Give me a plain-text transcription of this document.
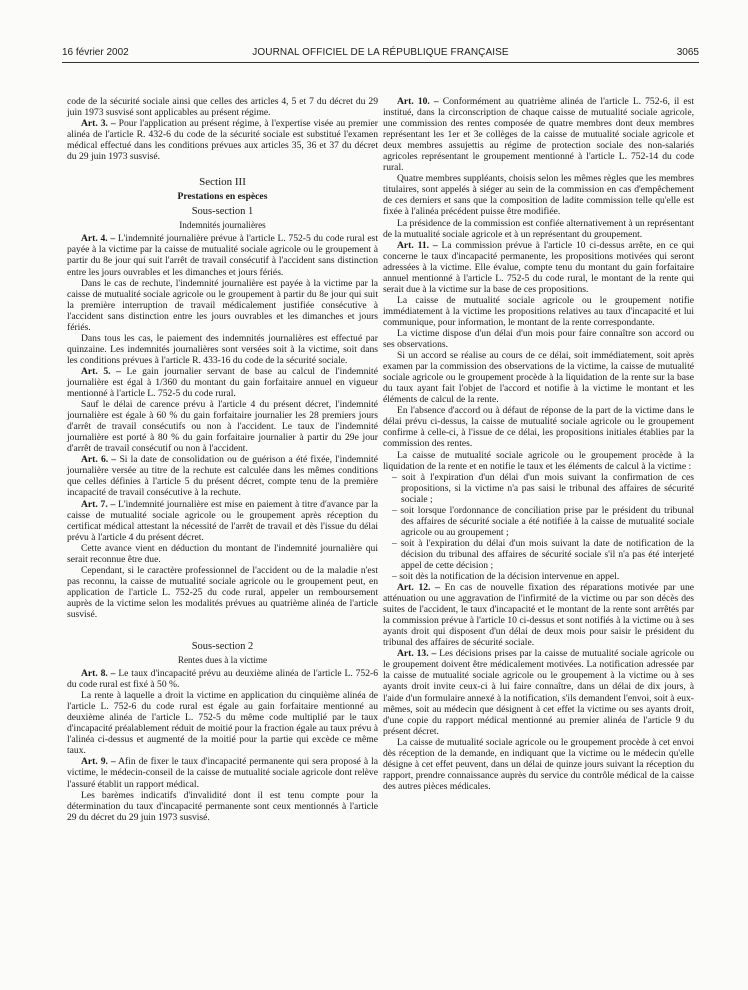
16 février 2002	JOURNAL OFFICIEL DE LA RÉPUBLIQUE FRANÇAISE	3065

code de la sécurité sociale ainsi que celles des articles 4, 5 et 7 du décret du 29 juin 1973 susvisé sont applicables au présent régime.

Art. 3. – Pour l'application au présent régime, à l'expertise visée au premier alinéa de l'article R. 432-6 du code de la sécurité sociale est substitué l'examen médical effectué dans les conditions prévues aux articles 35, 36 et 37 du décret du 29 juin 1973 susvisé.

Section III
Prestations en espèces
Sous-section 1
Indemnités journalières

Art. 4. – L'indemnité journalière prévue à l'article L. 752-5 du code rural est payée à la victime par la caisse de mutualité sociale agricole ou le groupement à partir du 8e jour qui suit l'arrêt de travail consécutif à l'accident sans distinction entre les jours ouvrables et les dimanches et jours fériés.

Dans le cas de rechute, l'indemnité journalière est payée à la victime par la caisse de mutualité sociale agricole ou le groupement à partir du 8e jour qui suit la première interruption de travail médicalement justifiée consécutive à l'accident sans distinction entre les jours ouvrables et les dimanches et jours fériés.

Dans tous les cas, le paiement des indemnités journalières est effectué par quinzaine. Les indemnités journalières sont versées soit à la victime, soit dans les conditions prévues à l'article R. 433-16 du code de la sécurité sociale.

Art. 5. – Le gain journalier servant de base au calcul de l'indemnité journalière est égal à 1/360 du montant du gain forfaitaire annuel en vigueur mentionné à l'article L. 752-5 du code rural.

Sauf le délai de carence prévu à l'article 4 du présent décret, l'indemnité journalière est égale à 60 % du gain forfaitaire journalier les 28 premiers jours d'arrêt de travail consécutifs ou non à l'accident. Le taux de l'indemnité journalière est porté à 80 % du gain forfaitaire journalier à partir du 29e jour d'arrêt de travail consécutif ou non à l'accident.

Art. 6. – Si la date de consolidation ou de guérison a été fixée, l'indemnité journalière versée au titre de la rechute est calculée dans les mêmes conditions que celles définies à l'article 5 du présent décret, compte tenu de la première incapacité de travail consécutive à la rechute.

Art. 7. – L'indemnité journalière est mise en paiement à titre d'avance par la caisse de mutualité sociale agricole ou le groupement après réception du certificat médical attestant la nécessité de l'arrêt de travail et dès l'issue du délai prévu à l'article 4 du présent décret.

Cette avance vient en déduction du montant de l'indemnité journalière qui serait reconnue être due.

Cependant, si le caractère professionnel de l'accident ou de la maladie n'est pas reconnu, la caisse de mutualité sociale agricole ou le groupement peut, en application de l'article L. 752-25 du code rural, appeler un remboursement auprès de la victime selon les modalités prévues au quatrième alinéa de l'article susvisé.

Sous-section 2
Rentes dues à la victime

Art. 8. – Le taux d'incapacité prévu au deuxième alinéa de l'article L. 752-6 du code rural est fixé à 50 %.

La rente à laquelle a droit la victime en application du cinquième alinéa de l'article L. 752-6 du code rural est égale au gain forfaitaire mentionné au deuxième alinéa de l'article L. 752-5 du même code multiplié par le taux d'incapacité préalablement réduit de moitié pour la fraction égale au taux prévu à l'alinéa ci-dessus et augmenté de la moitié pour la partie qui excède ce même taux.

Art. 9. – Afin de fixer le taux d'incapacité permanente qui sera proposé à la victime, le médecin-conseil de la caisse de mutualité sociale agricole dont relève l'assuré établit un rapport médical.

Les barèmes indicatifs d'invalidité dont il est tenu compte pour la détermination du taux d'incapacité permanente sont ceux mentionnés à l'article 29 du décret du 29 juin 1973 susvisé.

Art. 10. – Conformément au quatrième alinéa de l'article L. 752-6, il est institué, dans la circonscription de chaque caisse de mutualité sociale agricole, une commission des rentes composée de quatre membres dont deux membres représentant les 1er et 3e collèges de la caisse de mutualité sociale agricole et deux membres assujettis au régime de protection sociale des non-salariés agricoles représentant le groupement mentionné à l'article L. 752-14 du code rural.

Quatre membres suppléants, choisis selon les mêmes règles que les membres titulaires, sont appelés à siéger au sein de la commission en cas d'empêchement de ces derniers et sans que la composition de ladite commission telle qu'elle est fixée à l'alinéa précédent puisse être modifiée.

La présidence de la commission est confiée alternativement à un représentant de la mutualité sociale agricole et à un représentant du groupement.

Art. 11. – La commission prévue à l'article 10 ci-dessus arrête, en ce qui concerne le taux d'incapacité permanente, les propositions motivées qui seront adressées à la victime. Elle évalue, compte tenu du montant du gain forfaitaire annuel mentionné à l'article L. 752-5 du code rural, le montant de la rente qui serait due à la victime sur la base de ces propositions.

La caisse de mutualité sociale agricole ou le groupement notifie immédiatement à la victime les propositions relatives au taux d'incapacité et lui communique, pour information, le montant de la rente correspondante.

La victime dispose d'un délai d'un mois pour faire connaître son accord ou ses observations.

Si un accord se réalise au cours de ce délai, soit immédiatement, soit après examen par la commission des observations de la victime, la caisse de mutualité sociale agricole ou le groupement procède à la liquidation de la rente sur la base du taux ayant fait l'objet de l'accord et notifie à la victime le montant et les éléments de calcul de la rente.

En l'absence d'accord ou à défaut de réponse de la part de la victime dans le délai prévu ci-dessus, la caisse de mutualité sociale agricole ou le groupement confirme à celle-ci, à l'issue de ce délai, les propositions initiales établies par la commission des rentes.

La caisse de mutualité sociale agricole ou le groupement procède à la liquidation de la rente et en notifie le taux et les éléments de calcul à la victime :

– soit à l'expiration d'un délai d'un mois suivant la confirmation de ces propositions, si la victime n'a pas saisi le tribunal des affaires de sécurité sociale ;
– soit lorsque l'ordonnance de conciliation prise par le président du tribunal des affaires de sécurité sociale a été notifiée à la caisse de mutualité sociale agricole ou au groupement ;
– soit à l'expiration du délai d'un mois suivant la date de notification de la décision du tribunal des affaires de sécurité sociale s'il n'a pas été interjeté appel de cette décision ;
– soit dès la notification de la décision intervenue en appel.

Art. 12. – En cas de nouvelle fixation des réparations motivée par une atténuation ou une aggravation de l'infirmité de la victime ou par son décès des suites de l'accident, le taux d'incapacité et le montant de la rente sont arrêtés par la commission prévue à l'article 10 ci-dessus et sont notifiés à la victime ou à ses ayants droit qui disposent d'un délai de deux mois pour saisir le président du tribunal des affaires de sécurité sociale.

Art. 13. – Les décisions prises par la caisse de mutualité sociale agricole ou le groupement doivent être médicalement motivées. La notification adressée par la caisse de mutualité sociale agricole ou le groupement à la victime ou à ses ayants droit invite ceux-ci à lui faire connaître, dans un délai de dix jours, à l'aide d'un formulaire annexé à la notification, s'ils demandent l'envoi, soit à eux-mêmes, soit au médecin que désignent à cet effet la victime ou ses ayants droit, d'une copie du rapport médical mentionné au premier alinéa de l'article 9 du présent décret.

La caisse de mutualité sociale agricole ou le groupement procède à cet envoi dès réception de la demande, en indiquant que la victime ou le médecin qu'elle désigne à cet effet peuvent, dans un délai de quinze jours suivant la réception du rapport, prendre connaissance auprès du service du contrôle médical de la caisse des autres pièces médicales.
